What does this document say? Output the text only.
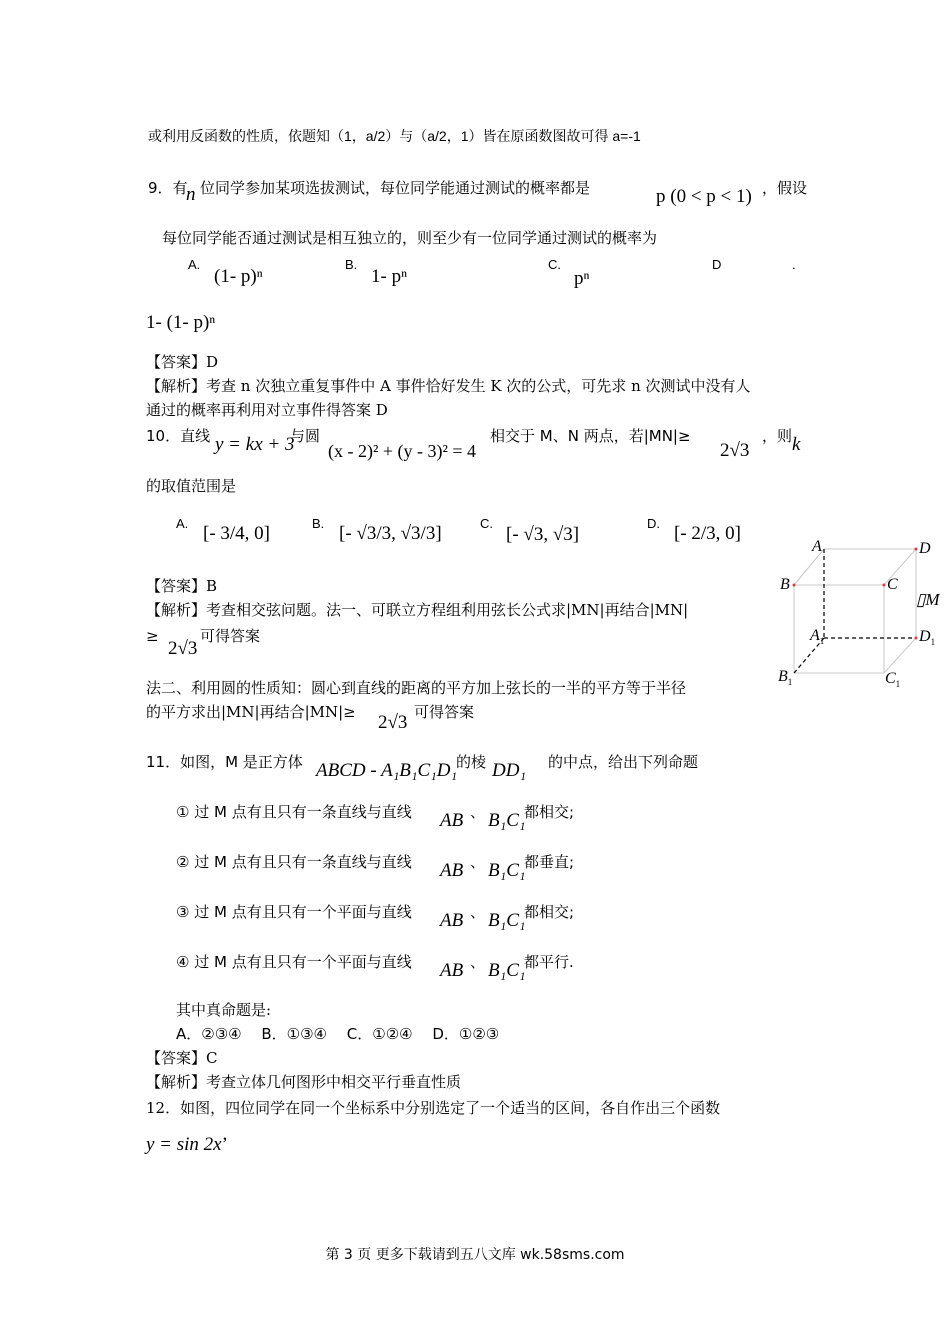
或利用反函数的性质，依题知（1，a/2）与（a/2，1）皆在原函数图故可得 a=-1
9．有
n 位同学参加某项选拔测试，每位同学能通过测试的概率都是	p (0 < p < 1) ，假设
每位同学能否通过测试是相互独立的，则至少有一位同学通过测试的概率为
A.
(1- p)ⁿ
B.
1- pⁿ
C.
pⁿ
D	.
1- (1- p)ⁿ
【答案】D
【解析】考查 n 次独立重复事件中 A 事件恰好发生 K 次的公式，可先求 n 次测试中没有人
通过的概率再利用对立事件得答案 D
10．直线 y = kx + 3
与圆
(x - 2)² + (y - 3)² = 4
相交于 M、N 两点，若|MN|≥
2√3
，则 k
的取值范围是
A. [- 3/4, 0]	B. [- √3/3, √3/3]	C.
[- √3, √3]
D. [- 2/3, 0]
【答案】B
【解析】考查相交弦问题。法一、可联立方程组利用弦长公式求|MN|再结合|MN|
≥
2√3
可得答案
法二、利用圆的性质知：圆心到直线的距离的平方加上弦长的一半的平方等于半径
的平方求出|MN|再结合|MN|≥ 2√3 可得答案
A	D
B	C
▯M
$A_1$	$D_1$
$B_1$	$C_1$
11．如图，M 是正方体 ABCD - A₁B₁C₁D₁
的棱 DD₁ 的中点，给出下列命题
① 过 M 点有且只有一条直线与直线 AB 、 B₁C₁
都相交;
② 过 M 点有且只有一条直线与直线 AB 、 B₁C₁
都垂直;
③ 过 M 点有且只有一个平面与直线 AB 、 B₁C₁
都相交;
④ 过 M 点有且只有一个平面与直线 AB 、 B₁C₁
都平行.
其中真命题是:
A．②③④　 B．①③④　 C．①②④　 D．①②③
【答案】C
【解析】考查立体几何图形中相交平行垂直性质
12．如图，四位同学在同一个坐标系中分别选定了一个适当的区间，各自作出三个函数
y = sin 2x’
第 3 页 更多下载请到五八文库 wk.58sms.com
